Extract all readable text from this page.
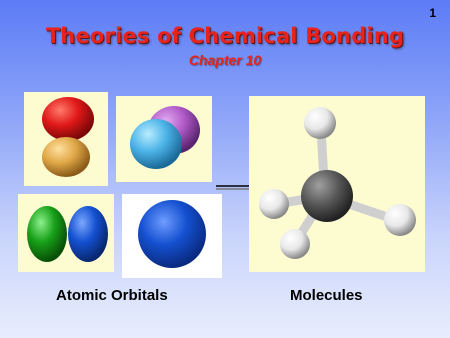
1
Theories of Chemical Bonding
Chapter 10
Atomic Orbitals	Molecules
